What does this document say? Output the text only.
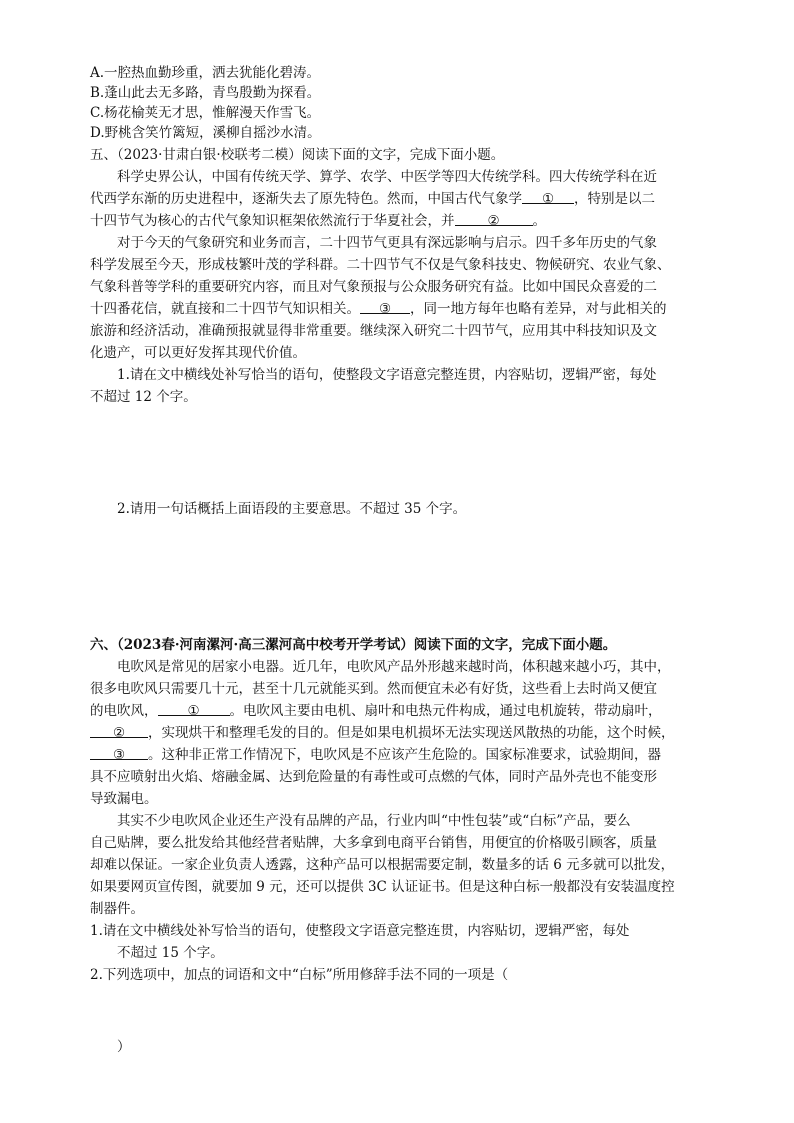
A.一腔热血勤珍重，洒去犹能化碧涛。
B.蓬山此去无多路，青鸟殷勤为探看。
C.杨花榆荚无才思，惟解漫天作雪飞。
D.野桃含笑竹篱短，溪柳自摇沙水清。
五、（2023·甘肃白银·校联考二模）阅读下面的文字，完成下面小题。
科学史界公认，中国有传统天学、算学、农学、中医学等四大传统学科。四大传统学科在近
代西学东渐的历史进程中，逐渐失去了原先特色。然而，中国古代气象学 ① ，特别是以二
十四节气为核心的古代气象知识框架依然流行于华夏社会，并 ② 。
对于今天的气象研究和业务而言，二十四节气更具有深远影响与启示。四千多年历史的气象
科学发展至今天，形成枝繁叶茂的学科群。二十四节气不仅是气象科技史、物候研究、农业气象、
气象科普等学科的重要研究内容，而且对气象预报与公众服务研究有益。比如中国民众喜爱的二
十四番花信，就直接和二十四节气知识相关。 ③ ，同一地方每年也略有差异，对与此相关的
旅游和经济活动，准确预报就显得非常重要。继续深入研究二十四节气，应用其中科技知识及文
化遗产，可以更好发挥其现代价值。
1.请在文中横线处补写恰当的语句，使整段文字语意完整连贯，内容贴切，逻辑严密，每处
不超过 12 个字。
2.请用一句话概括上面语段的主要意思。不超过 35 个字。
六、（2023春·河南漯河·高三漯河高中校考开学考试）阅读下面的文字，完成下面小题。
电吹风是常见的居家小电器。近几年，电吹风产品外形越来越时尚，体积越来越小巧，其中，
很多电吹风只需要几十元，甚至十几元就能买到。然而便宜未必有好货，这些看上去时尚又便宜
的电吹风， ① 。电吹风主要由电机、扇叶和电热元件构成，通过电机旋转，带动扇叶，
② ，实现烘干和整理毛发的目的。但是如果电机损坏无法实现送风散热的功能，这个时候，
③ 。这种非正常工作情况下，电吹风是不应该产生危险的。国家标准要求，试验期间，器
具不应喷射出火焰、熔融金属、达到危险量的有毒性或可点燃的气体，同时产品外壳也不能变形
导致漏电。
其实不少电吹风企业还生产没有品牌的产品，行业内叫“中性包装”或“白标”产品，要么
自己贴牌，要么批发给其他经营者贴牌，大多拿到电商平台销售，用便宜的价格吸引顾客，质量
却难以保证。一家企业负责人透露，这种产品可以根据需要定制，数量多的话 6 元多就可以批发，
如果要网页宣传图，就要加 9 元，还可以提供 3C 认证证书。但是这种白标一般都没有安装温度控
制器件。
1.请在文中横线处补写恰当的语句，使整段文字语意完整连贯，内容贴切，逻辑严密，每处
不超过 15 个字。
2.下列选项中，加点的词语和文中“白标”所用修辞手法不同的一项是（
）
